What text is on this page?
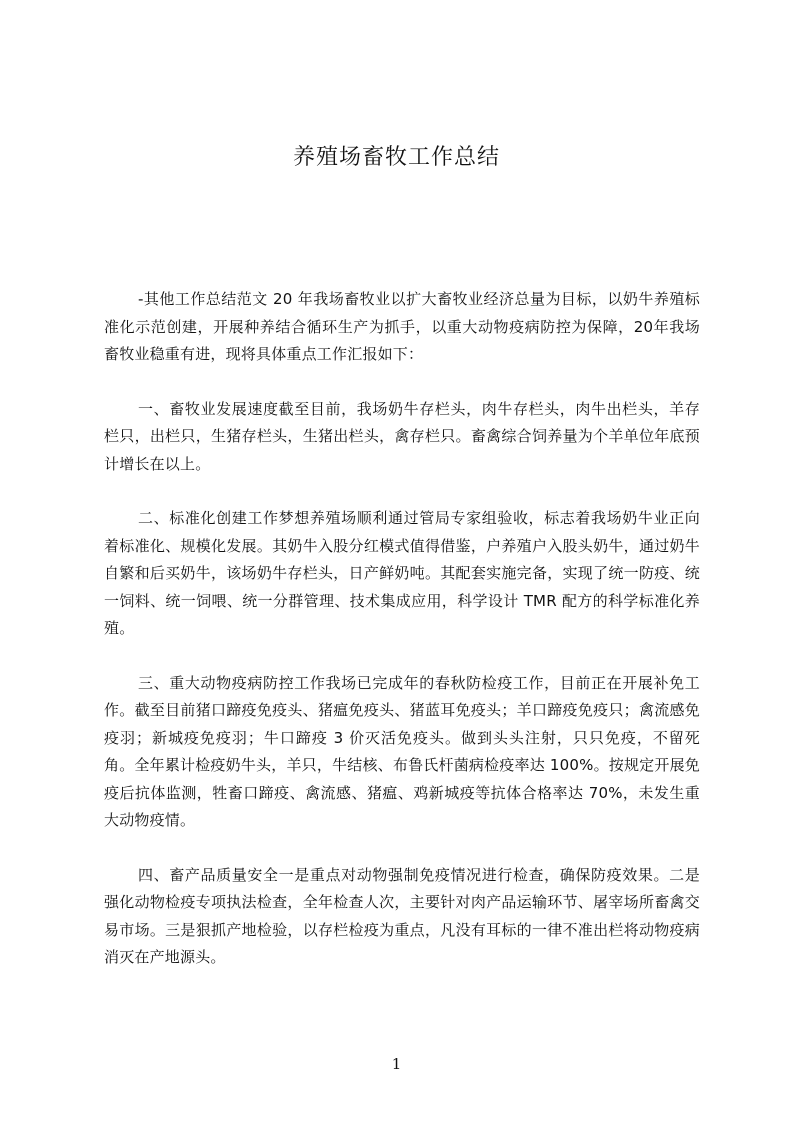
养殖场畜牧工作总结

-其他工作总结范文 20 年我场畜牧业以扩大畜牧业经济总量为目标，以奶牛养殖标准化示范创建，开展种养结合循环生产为抓手，以重大动物疫病防控为保障，20年我场畜牧业稳重有进，现将具体重点工作汇报如下：

一、畜牧业发展速度截至目前，我场奶牛存栏头，肉牛存栏头，肉牛出栏头，羊存栏只，出栏只，生猪存栏头，生猪出栏头，禽存栏只。畜禽综合饲养量为个羊单位年底预计增长在以上。

二、标准化创建工作梦想养殖场顺利通过管局专家组验收，标志着我场奶牛业正向着标准化、规模化发展。其奶牛入股分红模式值得借鉴，户养殖户入股头奶牛，通过奶牛自繁和后买奶牛，该场奶牛存栏头，日产鲜奶吨。其配套实施完备，实现了统一防疫、统一饲料、统一饲喂、统一分群管理、技术集成应用，科学设计 TMR 配方的科学标准化养殖。

三、重大动物疫病防控工作我场已完成年的春秋防检疫工作，目前正在开展补免工作。截至目前猪口蹄疫免疫头、猪瘟免疫头、猪蓝耳免疫头；羊口蹄疫免疫只；禽流感免疫羽；新城疫免疫羽；牛口蹄疫 3 价灭活免疫头。做到头头注射，只只免疫，不留死角。全年累计检疫奶牛头，羊只，牛结核、布鲁氏杆菌病检疫率达 100%。按规定开展免疫后抗体监测，牲畜口蹄疫、禽流感、猪瘟、鸡新城疫等抗体合格率达 70%，未发生重大动物疫情。

四、畜产品质量安全一是重点对动物强制免疫情况进行检查，确保防疫效果。二是强化动物检疫专项执法检查，全年检查人次，主要针对肉产品运输环节、屠宰场所畜禽交易市场。三是狠抓产地检验，以存栏检疫为重点，凡没有耳标的一律不准出栏将动物疫病消灭在产地源头。

1
